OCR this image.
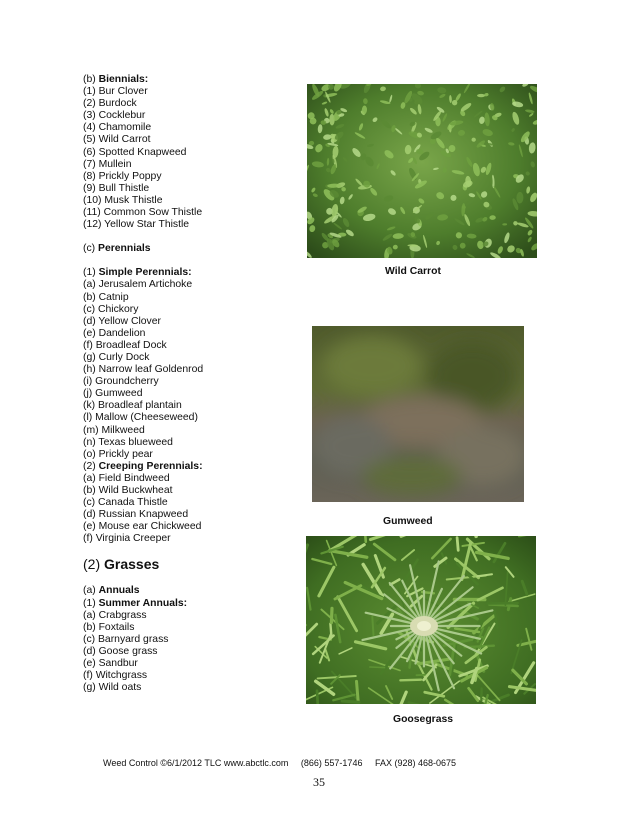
(b) Biennials:
(1) Bur Clover
(2) Burdock
(3) Cocklebur
(4) Chamomile
(5) Wild Carrot
(6) Spotted Knapweed
(7) Mullein
(8) Prickly Poppy
(9) Bull Thistle
(10) Musk Thistle
(11) Common Sow Thistle
(12) Yellow Star Thistle
(c) Perennials
(1) Simple Perennials:
(a) Jerusalem Artichoke
(b) Catnip
(c) Chickory
(d) Yellow Clover
(e) Dandelion
(f) Broadleaf Dock
(g) Curly Dock
(h) Narrow leaf Goldenrod
(i) Groundcherry
(j) Gumweed
(k) Broadleaf plantain
(l) Mallow (Cheeseweed)
(m) Milkweed
(n) Texas blueweed
(o) Prickly pear
(2) Creeping Perennials:
(a) Field Bindweed
(b) Wild Buckwheat
(c) Canada Thistle
(d) Russian Knapweed
(e) Mouse ear Chickweed
(f) Virginia Creeper
(2) Grasses
(a) Annuals
(1) Summer Annuals:
(a) Crabgrass
(b) Foxtails
(c) Barnyard grass
(d) Goose grass
(e) Sandbur
(f) Witchgrass
(g) Wild oats
Wild Carrot
Gumweed
Goosegrass
Weed Control ©6/1/2012 TLC www.abctlc.com (866) 557-1746 FAX (928) 468-0675
35
